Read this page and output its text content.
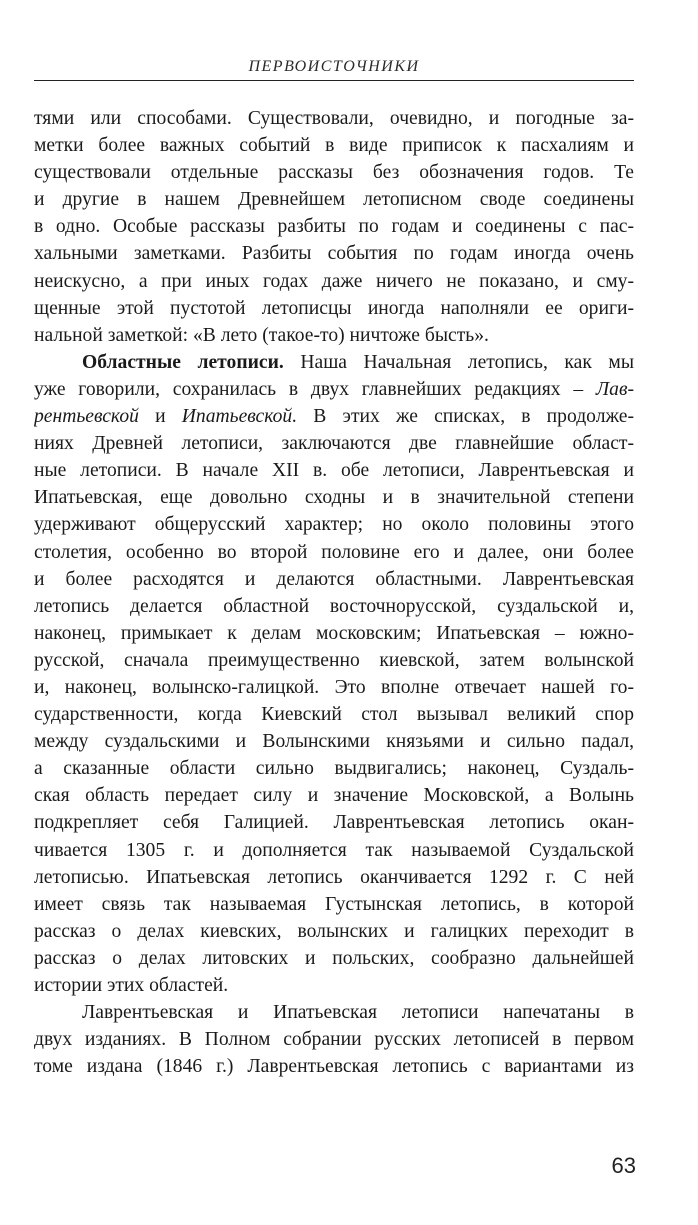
ПЕРВОИСТОЧНИКИ
тями или способами. Существовали, очевидно, и погодные за-
метки более важных событий в виде приписок к пасхалиям и
существовали отдельные рассказы без обозначения годов. Те
и другие в нашем Древнейшем летописном своде соединены
в одно. Особые рассказы разбиты по годам и соединены с пас-
хальными заметками. Разбиты события по годам иногда очень
неискусно, а при иных годах даже ничего не показано, и сму-
щенные этой пустотой летописцы иногда наполняли ее ориги-
нальной заметкой: «В лето (такое-то) ничтоже бысть».
Областные летописи. Наша Начальная летопись, как мы
уже говорили, сохранилась в двух главнейших редакциях – Лав-
рентьевской и Ипатьевской. В этих же списках, в продолже-
ниях Древней летописи, заключаются две главнейшие област-
ные летописи. В начале XII в. обе летописи, Лаврентьевская и
Ипатьевская, еще довольно сходны и в значительной степени
удерживают общерусский характер; но около половины этого
столетия, особенно во второй половине его и далее, они более
и более расходятся и делаются областными. Лаврентьевская
летопись делается областной восточнорусской, суздальской и,
наконец, примыкает к делам московским; Ипатьевская – южно-
русской, сначала преимущественно киевской, затем волынской
и, наконец, волынско-галицкой. Это вполне отвечает нашей го-
сударственности, когда Киевский стол вызывал великий спор
между суздальскими и Волынскими князьями и сильно падал,
а сказанные области сильно выдвигались; наконец, Суздаль-
ская область передает силу и значение Московской, а Волынь
подкрепляет себя Галицией. Лаврентьевская летопись окан-
чивается 1305 г. и дополняется так называемой Суздальской
летописью. Ипатьевская летопись оканчивается 1292 г. С ней
имеет связь так называемая Густынская летопись, в которой
рассказ о делах киевских, волынских и галицких переходит в
рассказ о делах литовских и польских, сообразно дальнейшей
истории этих областей.
Лаврентьевская и Ипатьевская летописи напечатаны в
двух изданиях. В Полном собрании русских летописей в первом
томе издана (1846 г.) Лаврентьевская летопись с вариантами из
63
